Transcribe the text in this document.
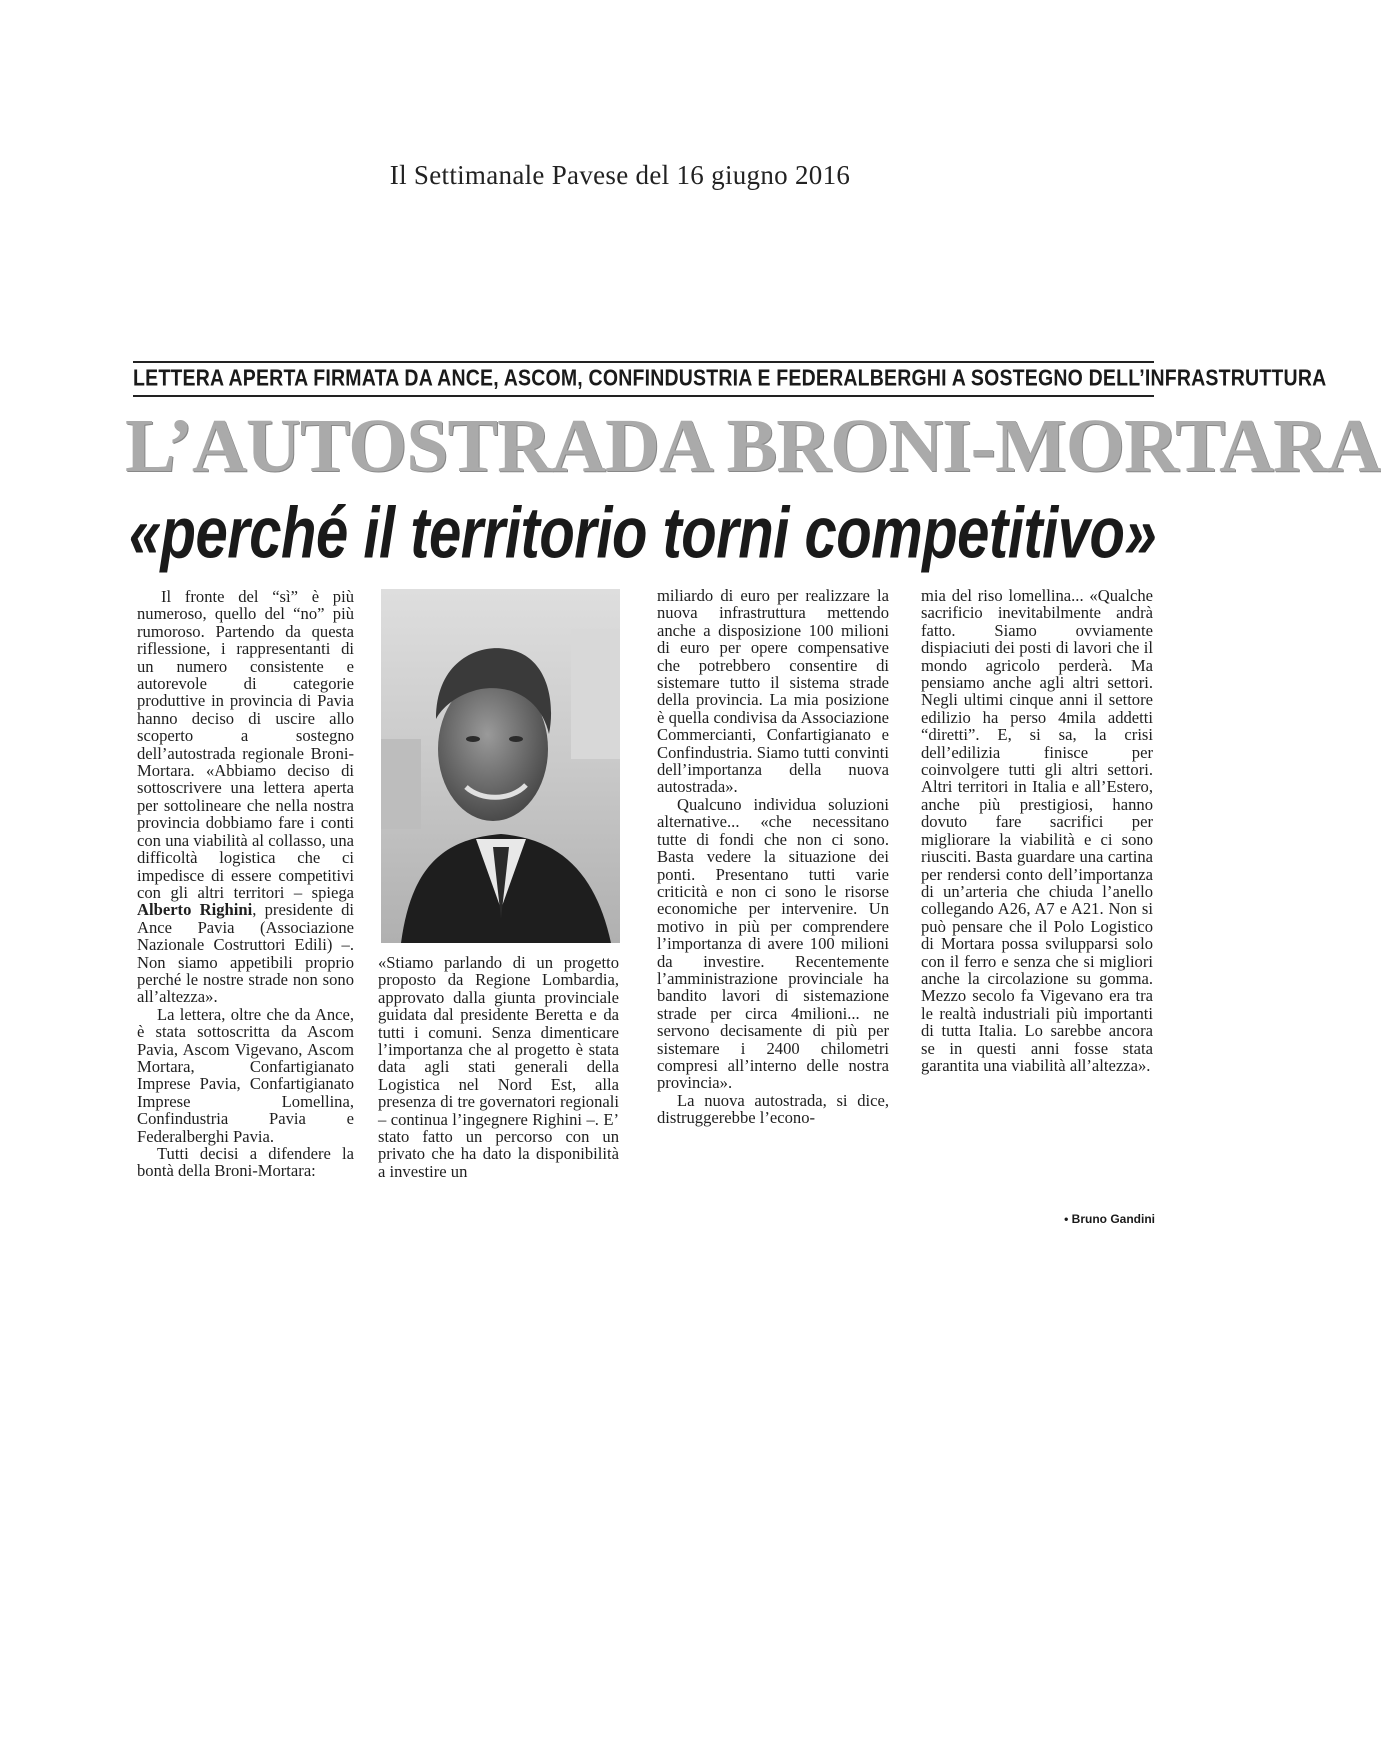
Il Settimanale Pavese del 16 giugno 2016
LETTERA APERTA FIRMATA DA ANCE, ASCOM, CONFINDUSTRIA E FEDERALBERGHI A SOSTEGNO DELL’INFRASTRUTTURA
L’AUTOSTRADA BRONI-MORTARA
«perché il territorio torni competitivo»

Il fronte del “sì” è più numeroso, quello del “no” più rumoroso. Partendo da questa riflessione, i rappresentanti di un numero consistente e autorevole di categorie produttive in provincia di Pavia hanno deciso di uscire allo scoperto a sostegno dell’autostrada regionale Broni-Mortara. «Abbiamo deciso di sottoscrivere una lettera aperta per sottolineare che nella nostra provincia dobbiamo fare i conti con una viabilità al collasso, una difficoltà logistica che ci impedisce di essere competitivi con gli altri territori – spiega Alberto Righini, presidente di Ance Pavia (Associazione Nazionale Costruttori Edili) –. Non siamo appetibili proprio perché le nostre strade non sono all’altezza».

La lettera, oltre che da Ance, è stata sottoscritta da Ascom Pavia, Ascom Vigevano, Ascom Mortara, Confartigianato Imprese Pavia, Confartigianato Imprese Lomellina, Confindustria Pavia e Federalberghi Pavia.

Tutti decisi a difendere la bontà della Broni-Mortara:

«Stiamo parlando di un progetto proposto da Regione Lombardia, approvato dalla giunta provinciale guidata dal presidente Beretta e da tutti i comuni. Senza dimenticare l’importanza che al progetto è stata data agli stati generali della Logistica nel Nord Est, alla presenza di tre governatori regionali – continua l’ingegnere Righini –. E’ stato fatto un percorso con un privato che ha dato la disponibilità a investire un

miliardo di euro per realizzare la nuova infrastruttura mettendo anche a disposizione 100 milioni di euro per opere compensative che potrebbero consentire di sistemare tutto il sistema strade della provincia. La mia posizione è quella condivisa da Associazione Commercianti, Confartigianato e Confindustria. Siamo tutti convinti dell’importanza della nuova autostrada».

Qualcuno individua soluzioni alternative... «che necessitano tutte di fondi che non ci sono. Basta vedere la situazione dei ponti. Presentano tutti varie criticità e non ci sono le risorse economiche per intervenire. Un motivo in più per comprendere l’importanza di avere 100 milioni da investire. Recentemente l’amministrazione provinciale ha bandito lavori di sistemazione strade per circa 4milioni... ne servono decisamente di più per sistemare i 2400 chilometri compresi all’interno delle nostra provincia».

La nuova autostrada, si dice, distruggerebbe l’econo-

mia del riso lomellina... «Qualche sacrificio inevitabilmente andrà fatto. Siamo ovviamente dispiaciuti dei posti di lavori che il mondo agricolo perderà. Ma pensiamo anche agli altri settori. Negli ultimi cinque anni il settore edilizio ha perso 4mila addetti “diretti”. E, si sa, la crisi dell’edilizia finisce per coinvolgere tutti gli altri settori. Altri territori in Italia e all’Estero, anche più prestigiosi, hanno dovuto fare sacrifici per migliorare la viabilità e ci sono riusciti. Basta guardare una cartina per rendersi conto dell’importanza di un’arteria che chiuda l’anello collegando A26, A7 e A21. Non si può pensare che il Polo Logistico di Mortara possa svilupparsi solo con il ferro e senza che si migliori anche la circolazione su gomma. Mezzo secolo fa Vigevano era tra le realtà industriali più importanti di tutta Italia. Lo sarebbe ancora se in questi anni fosse stata garantita una viabilità all’altezza».

• Bruno Gandini
